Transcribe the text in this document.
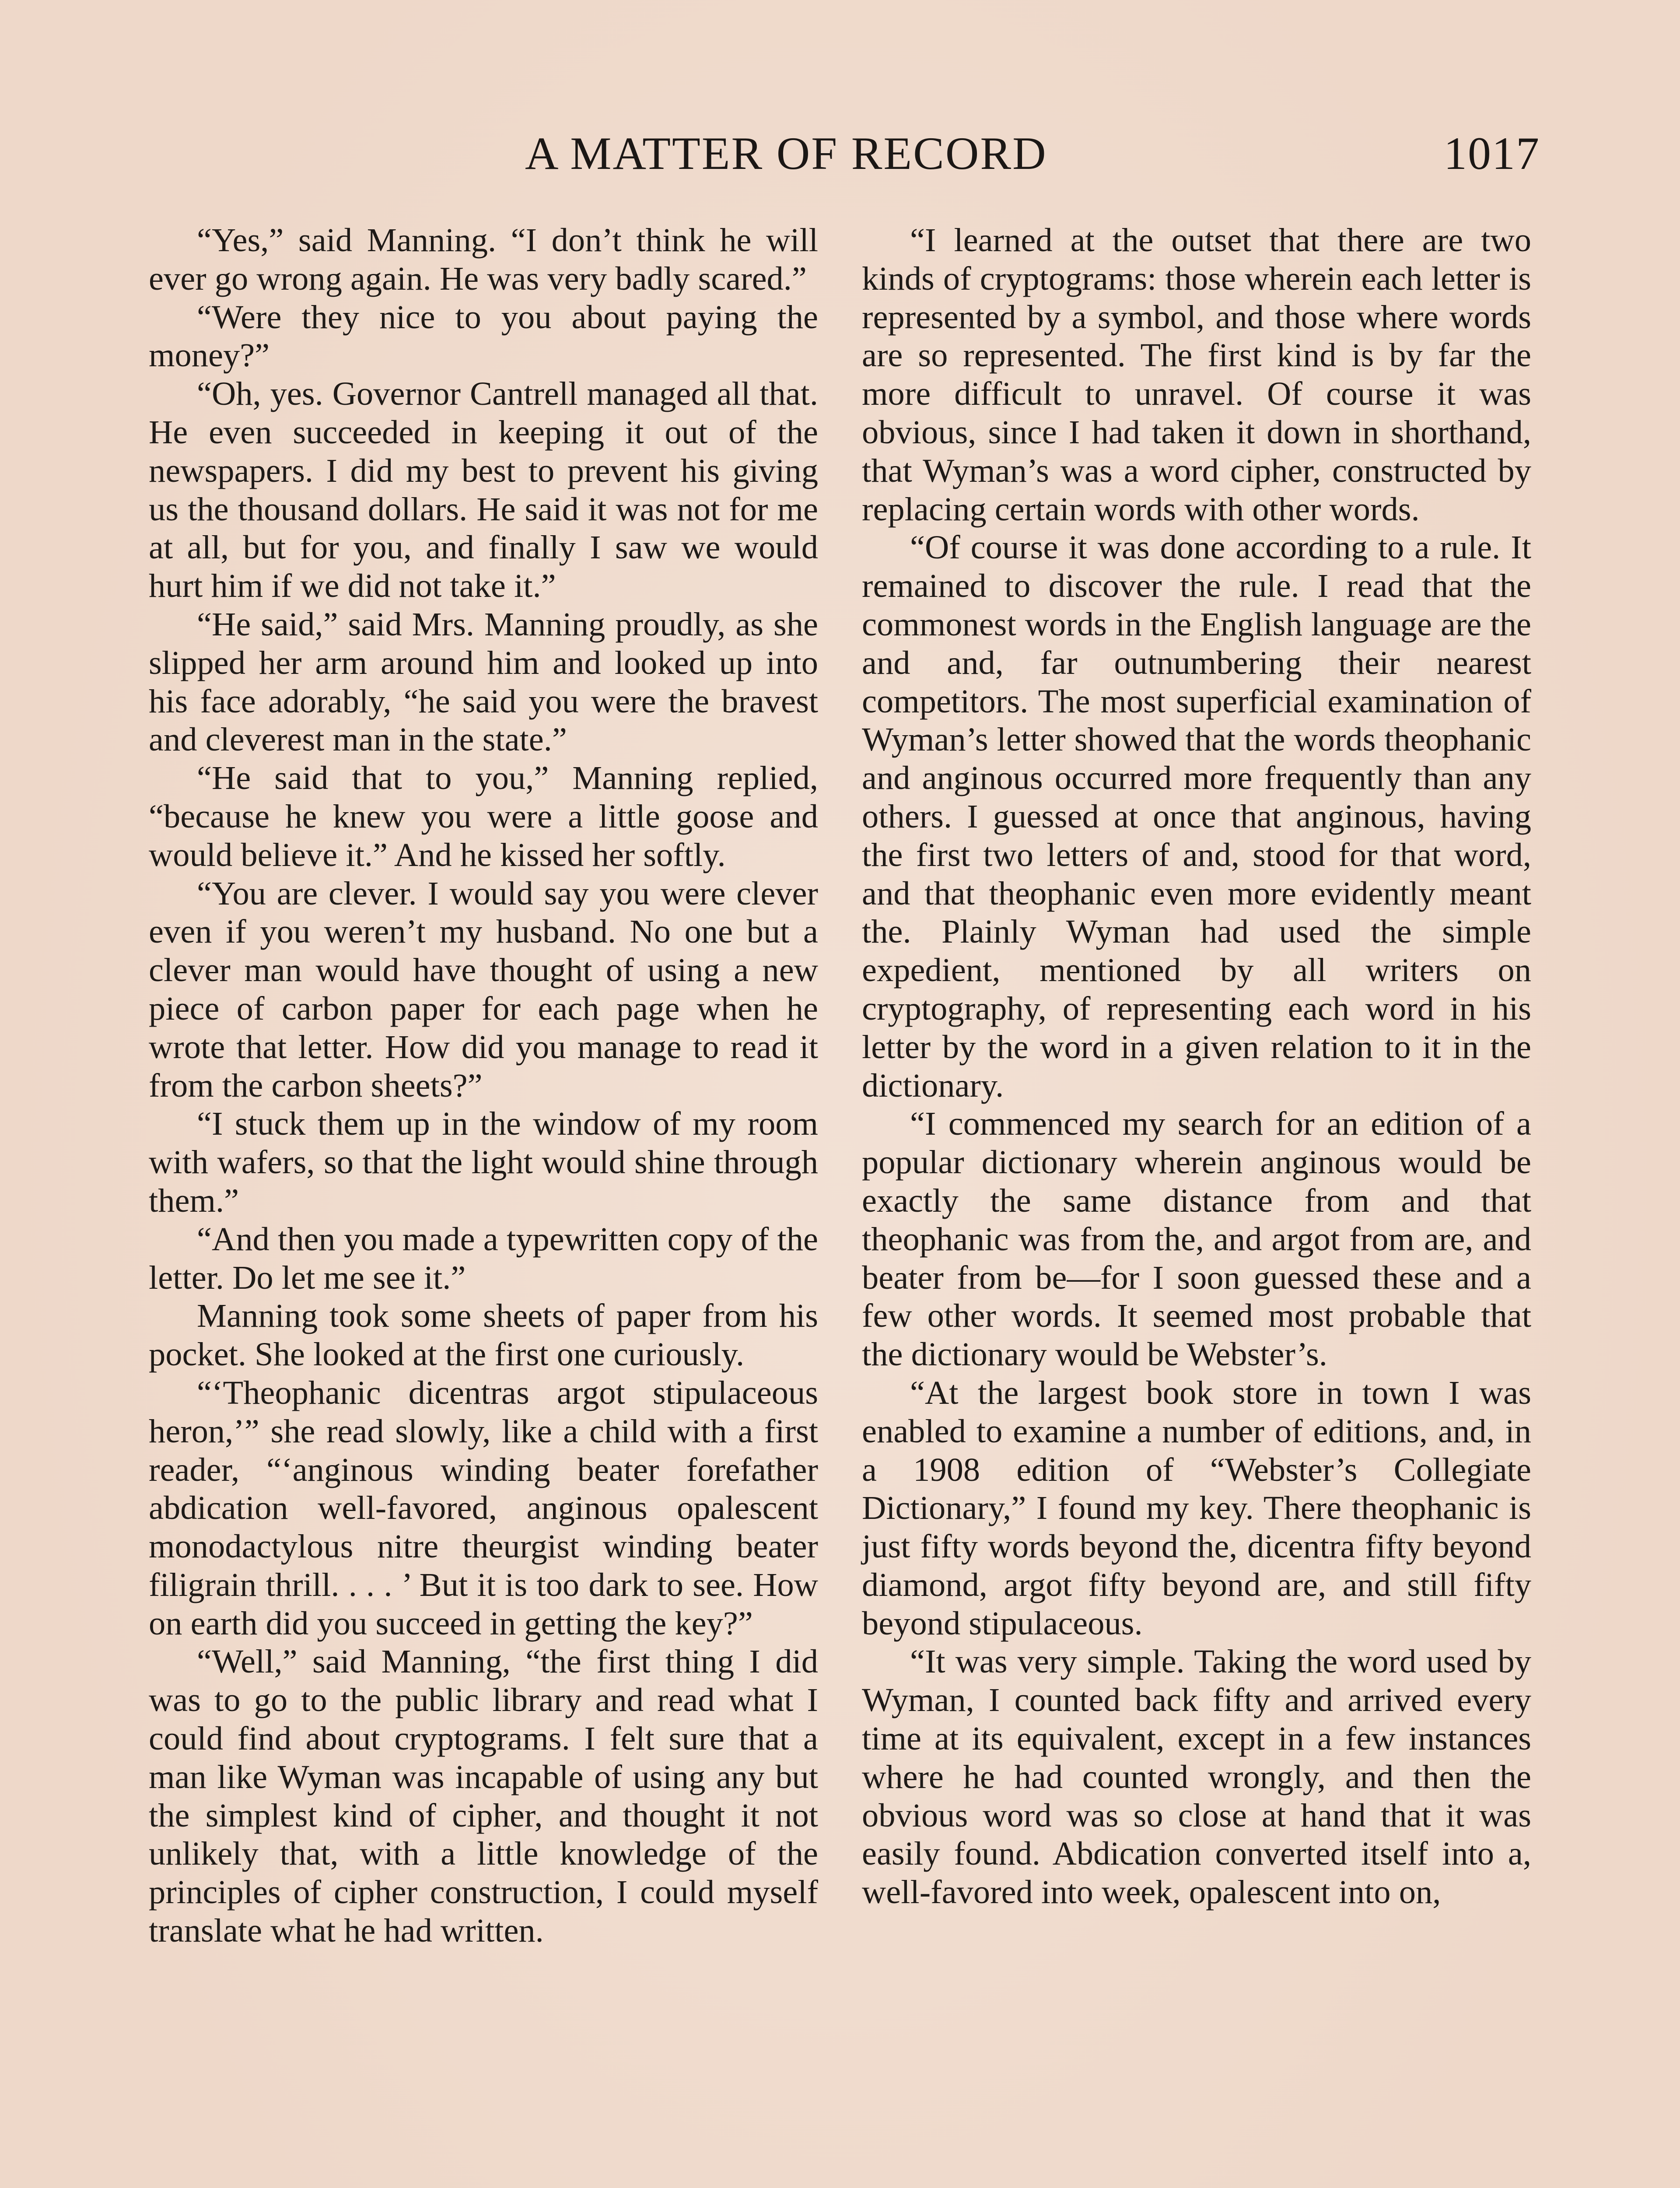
A MATTER OF RECORD	1017

“Yes,” said Manning. “I don’t think he will ever go wrong again. He was very badly scared.”

“Were they nice to you about paying the money?”

“Oh, yes. Governor Cantrell managed all that. He even succeeded in keeping it out of the newspapers. I did my best to prevent his giving us the thousand dollars. He said it was not for me at all, but for you, and finally I saw we would hurt him if we did not take it.”

“He said,” said Mrs. Manning proudly, as she slipped her arm around him and looked up into his face adorably, “he said you were the bravest and cleverest man in the state.”

“He said that to you,” Manning replied, “because he knew you were a little goose and would believe it.” And he kissed her softly.

“You are clever. I would say you were clever even if you weren’t my husband. No one but a clever man would have thought of using a new piece of carbon paper for each page when he wrote that letter. How did you manage to read it from the carbon sheets?”

“I stuck them up in the window of my room with wafers, so that the light would shine through them.”

“And then you made a typewritten copy of the letter. Do let me see it.”

Manning took some sheets of paper from his pocket. She looked at the first one curiously.

“‘Theophanic dicentras argot stipulaceous heron,’” she read slowly, like a child with a first reader, “‘anginous winding beater forefather abdication well-favored, anginous opalescent monodactylous nitre theurgist winding beater filigrain thrill. . . . ’ But it is too dark to see. How on earth did you succeed in getting the key?”

“Well,” said Manning, “the first thing I did was to go to the public library and read what I could find about cryptograms. I felt sure that a man like Wyman was incapable of using any but the simplest kind of cipher, and thought it not unlikely that, with a little knowledge of the principles of cipher construction, I could myself translate what he had written.

“I learned at the outset that there are two kinds of cryptograms: those wherein each letter is represented by a symbol, and those where words are so represented. The first kind is by far the more difficult to unravel. Of course it was obvious, since I had taken it down in shorthand, that Wyman’s was a word cipher, constructed by replacing certain words with other words.

“Of course it was done according to a rule. It remained to discover the rule. I read that the commonest words in the English language are the and and, far outnumbering their nearest competitors. The most superficial examination of Wyman’s letter showed that the words theophanic and anginous occurred more frequently than any others. I guessed at once that anginous, having the first two letters of and, stood for that word, and that theophanic even more evidently meant the. Plainly Wyman had used the simple expedient, mentioned by all writers on cryptography, of representing each word in his letter by the word in a given relation to it in the dictionary.

“I commenced my search for an edition of a popular dictionary wherein anginous would be exactly the same distance from and that theophanic was from the, and argot from are, and beater from be—for I soon guessed these and a few other words. It seemed most probable that the dictionary would be Webster’s.

“At the largest book store in town I was enabled to examine a number of editions, and, in a 1908 edition of “Webster’s Collegiate Dictionary,” I found my key. There theophanic is just fifty words beyond the, dicentra fifty beyond diamond, argot fifty beyond are, and still fifty beyond stipulaceous.

“It was very simple. Taking the word used by Wyman, I counted back fifty and arrived every time at its equivalent, except in a few instances where he had counted wrongly, and then the obvious word was so close at hand that it was easily found. Abdication converted itself into a, well-favored into week, opalescent into on,
